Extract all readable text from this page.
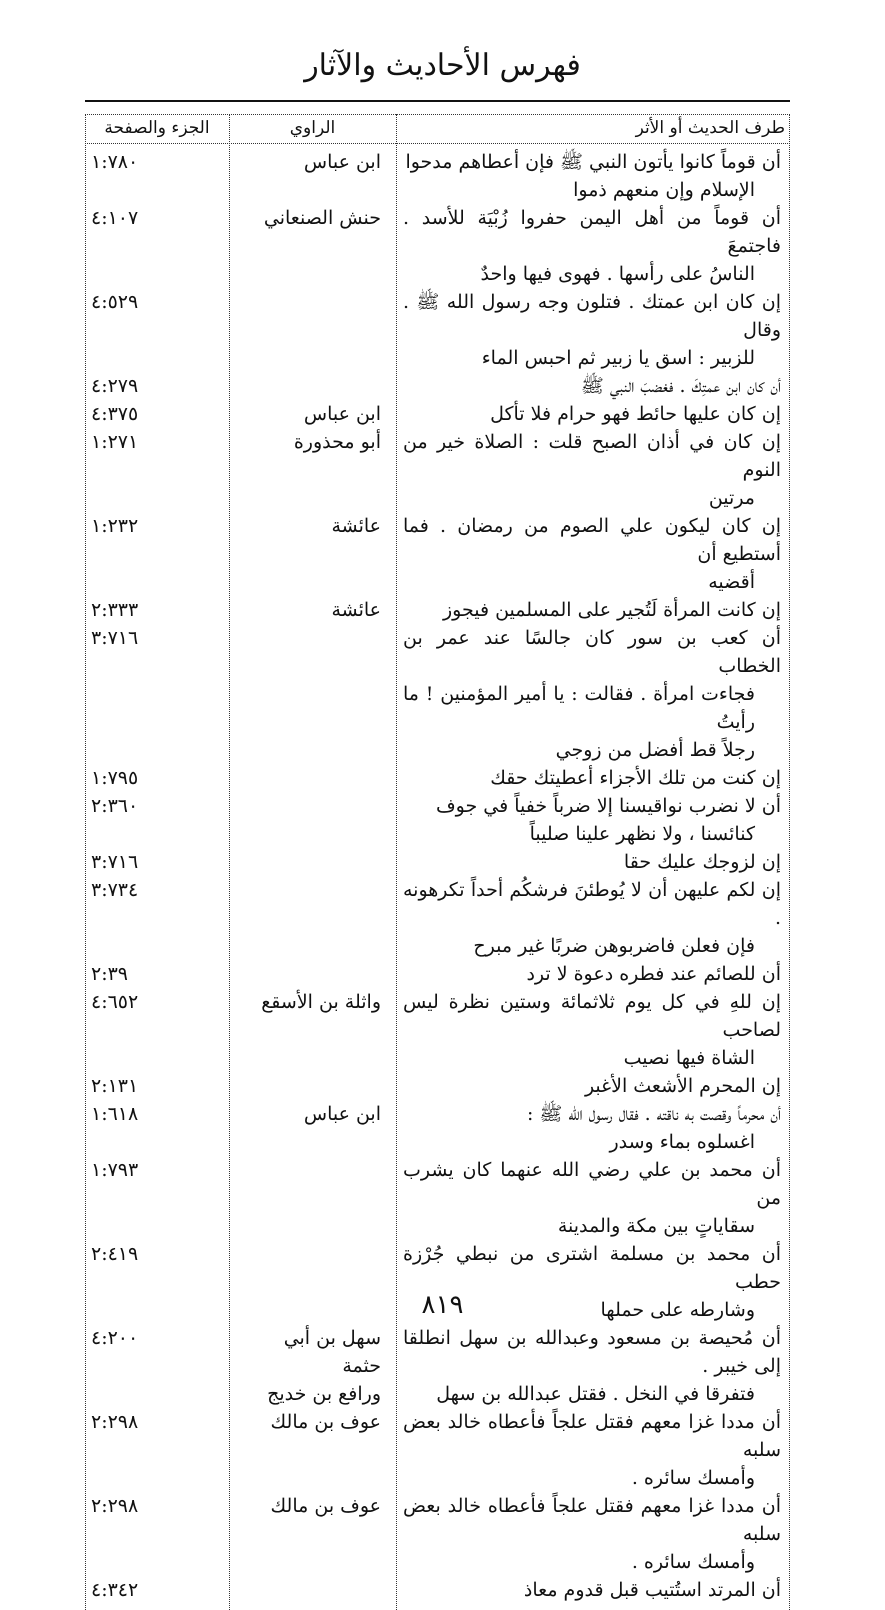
فهرس الأحاديث والآثار
طرف الحديث أو الأثر
الراوي
الجزء والصفحة
أن قوماً كانوا يأتون النبي ﷺ فإن أعطاهم مدحوا
الإسلام وإن منعهم ذموا
ابن عباس
١:٧٨٠
أن قوماً من أهل اليمن حفروا زُبْيَة للأسد . فاجتمعَ
الناسُ على رأسها . فهوى فيها واحدٌ
حنش الصنعاني
٤:١٠٧
إن كان ابن عمتك . فتلون وجه رسول الله ﷺ . وقال
للزبير : اسق يا زبير ثم احبس الماء
٤:٥٢٩
أن كان ابن عمتِكَ . فغضبَ النبي ﷺ
٤:٢٧٩
إن كان عليها حائط فهو حرام فلا تأكل
ابن عباس
٤:٣٧٥
إن كان في أذان الصبح قلت : الصلاة خير من النوم
مرتين
أبو محذورة
١:٢٧١
إن كان ليكون علي الصوم من رمضان . فما أستطيع أن
أقضيه
عائشة
١:٢٣٢
إن كانت المرأة لَتُجير على المسلمين فيجوز
عائشة
٢:٣٣٣
أن كعب بن سور كان جالسًا عند عمر بن الخطاب
فجاءت امرأة . فقالت : يا أمير المؤمنين ! ما رأيتُ
رجلاً قط أفضل من زوجي
٣:٧١٦
إن كنت من تلك الأجزاء أعطيتك حقك
١:٧٩٥
أن لا نضرب نواقيسنا إلا ضرباً خفياً في جوف
كنائسنا ، ولا نظهر علينا صليباً
٢:٣٦٠
إن لزوجك عليك حقا
٣:٧١٦
إن لكم عليهن أن لا يُوطئنَ فرشكُم أحداً تكرهونه .
فإن فعلن فاضربوهن ضربًا غير مبرح
٣:٧٣٤
أن للصائم عند فطره دعوة لا ترد
٢:٣٩
إن للهِ في كل يوم ثلاثمائة وستين نظرة ليس لصاحب
الشاة فيها نصيب
واثلة بن الأسقع
٤:٦٥٢
إن المحرم الأشعث الأغبر
٢:١٣١
أن محرماً وقصت به ناقته . فقال رسول الله ﷺ :
اغسلوه بماء وسدر
ابن عباس
١:٦١٨
أن محمد بن علي رضي الله عنهما كان يشرب من
سقاياتٍ بين مكة والمدينة
١:٧٩٣
أن محمد بن مسلمة اشترى من نبطي جُرْزة حطب
وشارطه على حملها
٢:٤١٩
أن مُحيصة بن مسعود وعبدالله بن سهل انطلقا إلى خيبر .
فتفرقا في النخل . فقتل عبدالله بن سهل
سهل بن أبي حثمة
ورافع بن خديج
٤:٢٠٠
أن مددا غزا معهم فقتل علجاً فأعطاه خالد بعض سلبه
وأمسك سائره .
عوف بن مالك
٢:٢٩٨
أن مددا غزا معهم فقتل علجاً فأعطاه خالد بعض سلبه
وأمسك سائره .
عوف بن مالك
٢:٢٩٨
أن المرتد استُتيب قبل قدوم معاذ
٤:٣٤٢
٨١٩
